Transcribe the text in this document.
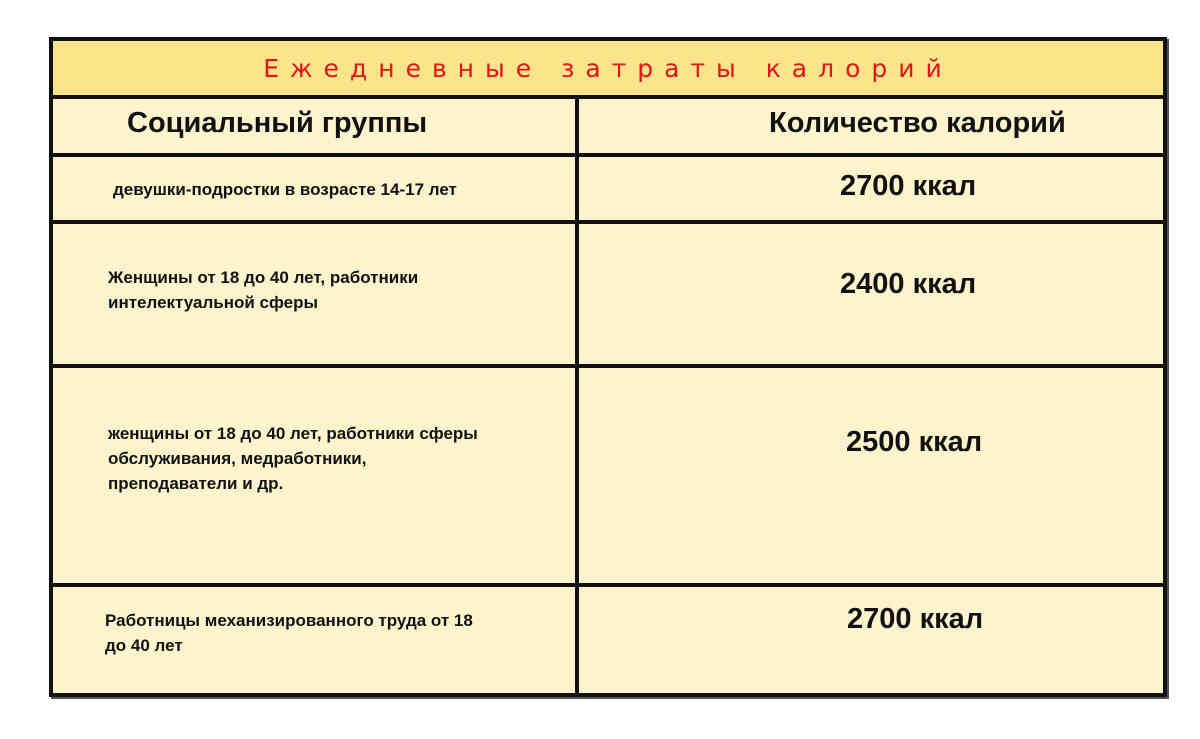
Ежедневные затраты калорий
Социальный группы	Количество калорий
девушки-подростки в возрасте 14-17 лет	2700 ккал
Женщины от 18 до 40 лет, работники интелектуальной сферы
2400 ккал
женщины от 18 до 40 лет, работники сферы обслуживания, медработники, преподаватели и др.
2500 ккал
Работницы механизированного труда от 18 до 40 лет
2700 ккал
